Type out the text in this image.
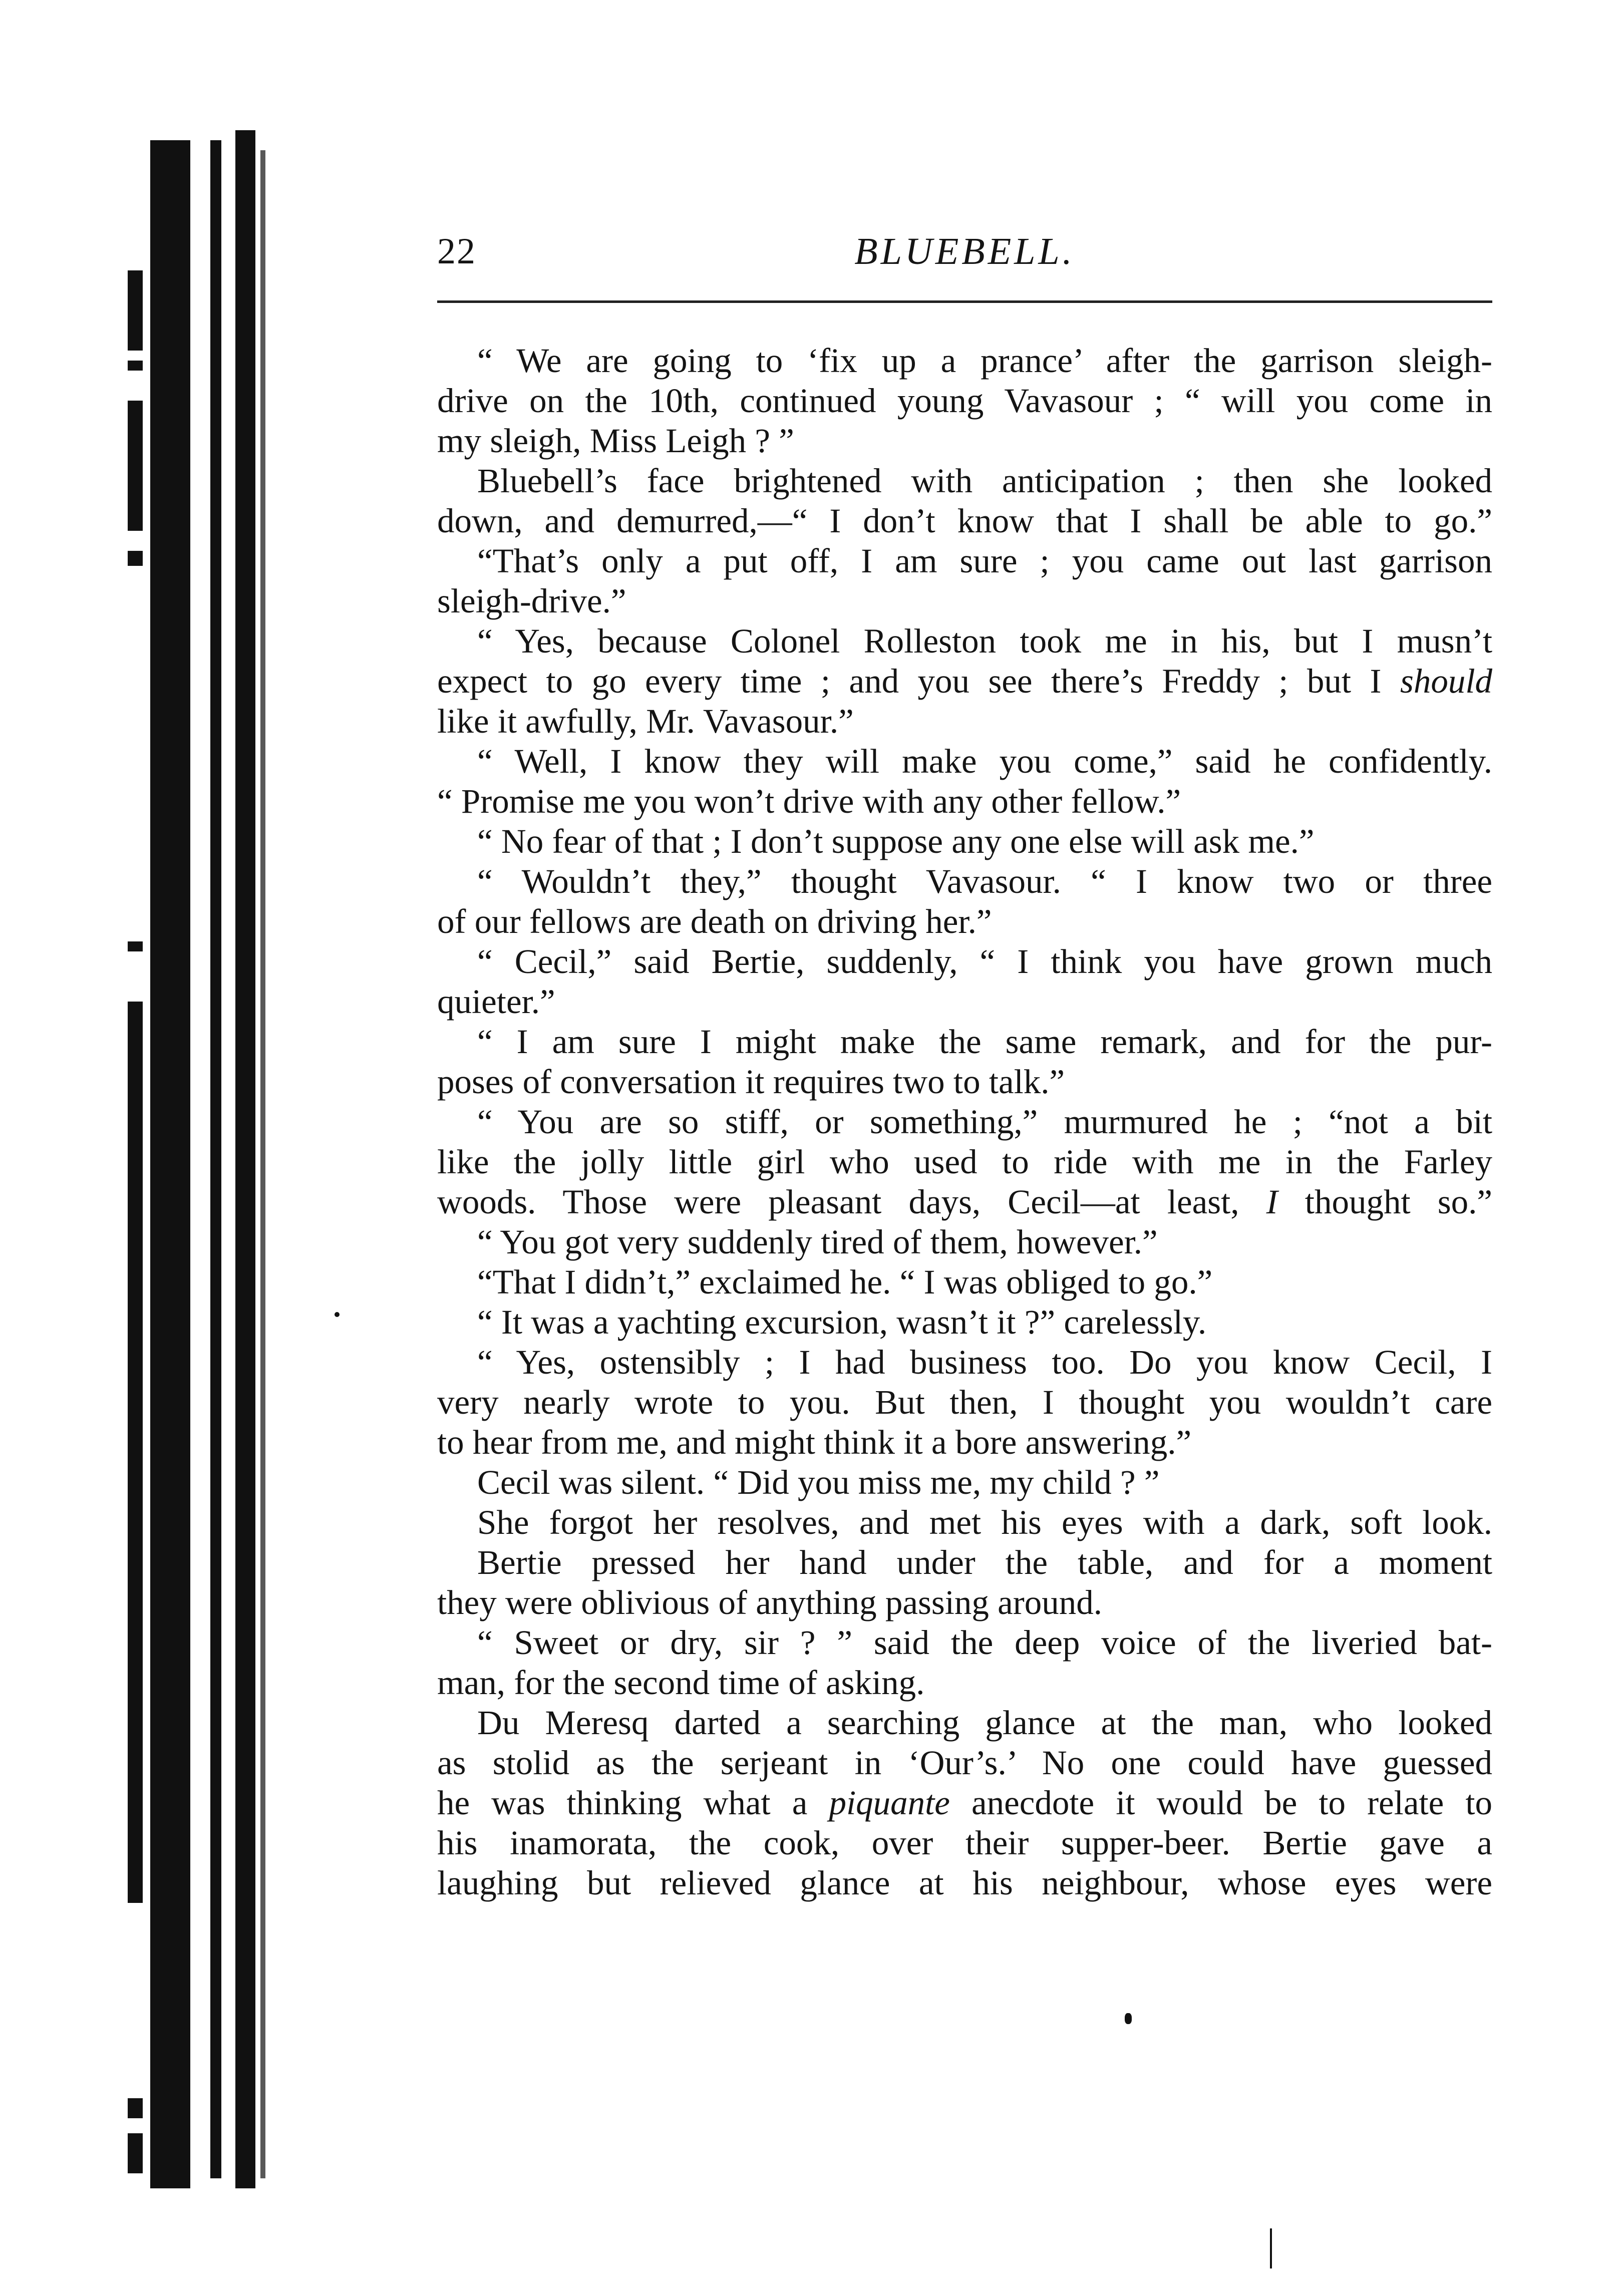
22	BLUEBELL.
“ We are going to ‘fix up a prance’ after the garrison sleigh-
drive on the 10th, continued young Vavasour ; “ will you come in
my sleigh, Miss Leigh ? ”
Bluebell’s face brightened with anticipation ; then she looked
down, and demurred,—“ I don’t know that I shall be able to go.”
“That’s only a put off, I am sure ; you came out last garrison
sleigh-drive.”
“ Yes, because Colonel Rolleston took me in his, but I musn’t
expect to go every time ; and you see there’s Freddy ; but I should
like it awfully, Mr. Vavasour.”
“ Well, I know they will make you come,” said he confidently.
“ Promise me you won’t drive with any other fellow.”
“ No fear of that ; I don’t suppose any one else will ask me.”
“ Wouldn’t they,” thought Vavasour. “ I know two or three
of our fellows are death on driving her.”
“ Cecil,” said Bertie, suddenly, “ I think you have grown much
quieter.”
“ I am sure I might make the same remark, and for the pur-
poses of conversation it requires two to talk.”
“ You are so stiff, or something,” murmured he ; “not a bit
like the jolly little girl who used to ride with me in the Farley
woods. Those were pleasant days, Cecil—at least, I thought so.”
“ You got very suddenly tired of them, however.”
“That I didn’t,” exclaimed he. “ I was obliged to go.”
“ It was a yachting excursion, wasn’t it ?” carelessly.
“ Yes, ostensibly ; I had business too. Do you know Cecil, I
very nearly wrote to you. But then, I thought you wouldn’t care
to hear from me, and might think it a bore answering.”
Cecil was silent. “ Did you miss me, my child ? ”
She forgot her resolves, and met his eyes with a dark, soft look.
Bertie pressed her hand under the table, and for a moment
they were oblivious of anything passing around.
“ Sweet or dry, sir ? ” said the deep voice of the liveried bat-
man, for the second time of asking.
Du Meresq darted a searching glance at the man, who looked
as stolid as the serjeant in ‘Our’s.’ No one could have guessed
he was thinking what a piquante anecdote it would be to relate to
his inamorata, the cook, over their supper-beer. Bertie gave a
laughing but relieved glance at his neighbour, whose eyes were
